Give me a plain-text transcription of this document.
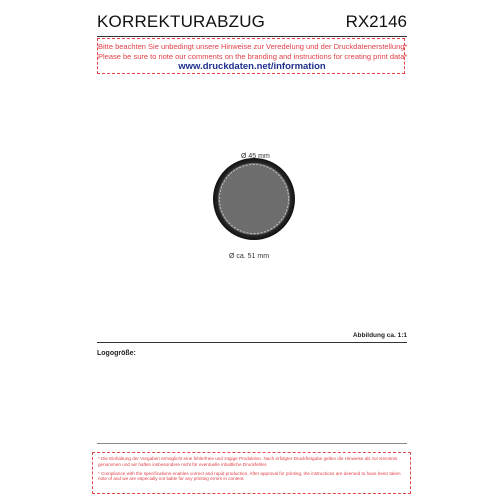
KORREKTURABZUG	RX2146
Bitte beachten Sie unbedingt unsere Hinweise zur Veredelung und der Druckdatenerstellung*
Please be sure to note our comments on the branding and instructions for creating print data*
www.druckdaten.net/information
Ø 45 mm
Ø ca. 51 mm
Abbildung ca. 1:1
Logogröße:
* Die Einhaltung der Vorgaben ermöglicht eine fehlerfreie und zügige Produktion. Nach erfolgter Druckfreigabe gelten die Hinweise als zur Kenntnis genommen und wir haften insbesondere nicht für eventuelle inhaltliche Druckfehler.
* Compliance with the specifications enables correct and rapid production. After approval for printing, the instructions are deemed to have been taken note of and we are especially not liable for any printing errors in content.
